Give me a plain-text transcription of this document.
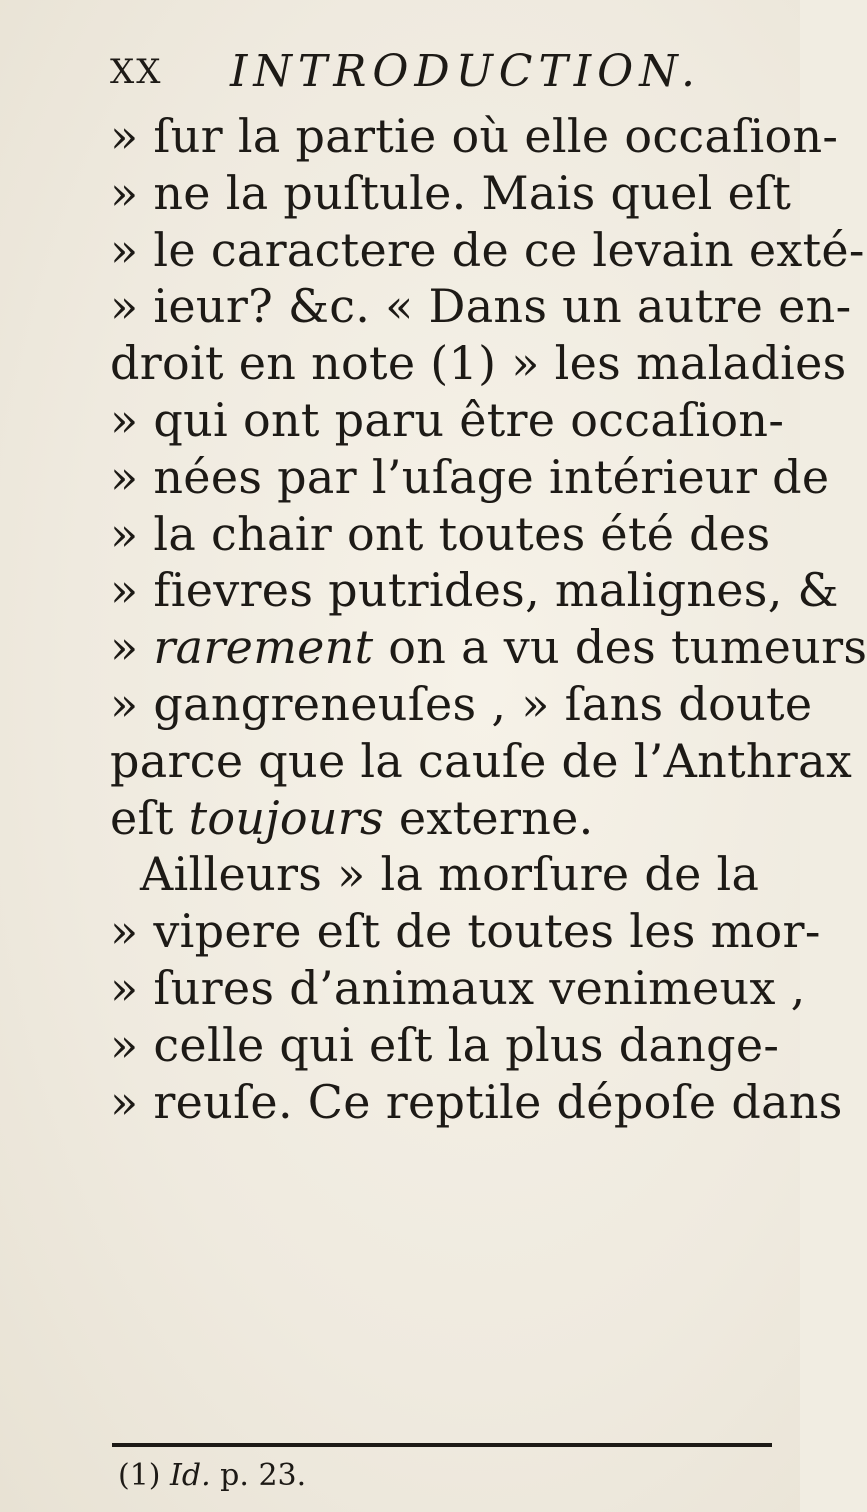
XX INTRODUCTION.
» ſur la partie où elle occaſion-
» ne la puſtule. Mais quel eſt
» le caractere de ce levain exté-
» ieur? &c. « Dans un autre en-
droit en note (1) » les maladies
» qui ont paru être occaſion-
» nées par l’uſage intérieur de
» la chair ont toutes été des
» fievres putrides, malignes, &
» rarement on a vu des tumeurs
» gangreneuſes , » ſans doute
parce que la cauſe de l’Anthrax
eſt toujours externe.
Ailleurs » la morſure de la
» vipere eſt de toutes les mor-
» ſures d’animaux venimeux ,
» celle qui eſt la plus dange-
» reuſe. Ce reptile dépoſe dans
(1) Id. p. 23.
